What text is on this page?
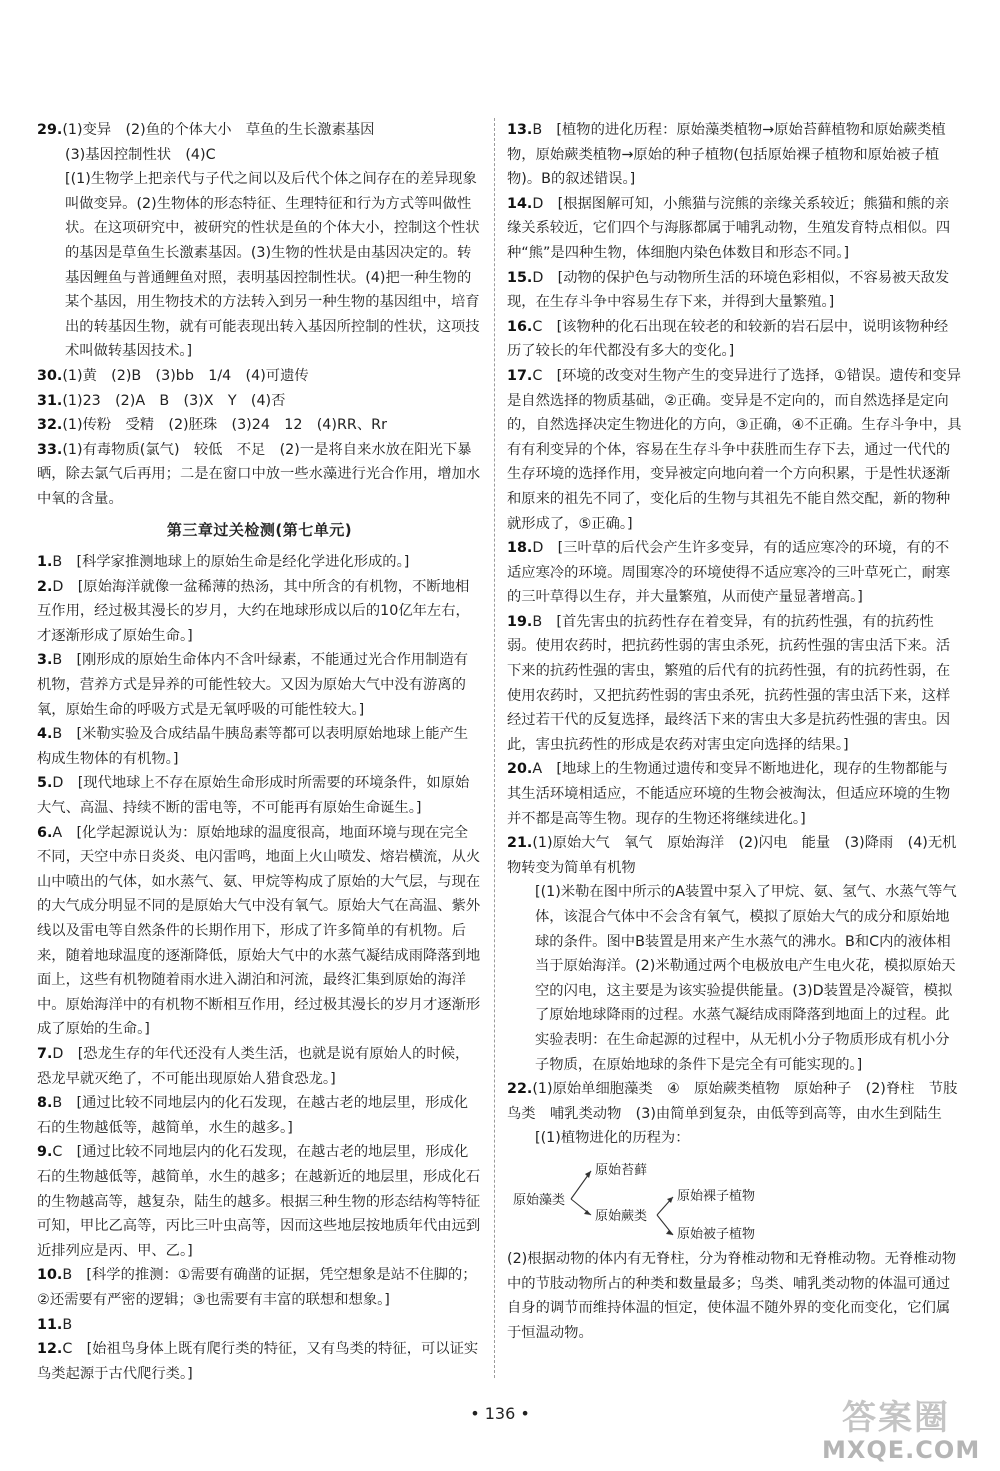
29.(1)变异　(2)鱼的个体大小　草鱼的生长激素基因
(3)基因控制性状　(4)C
[(1)生物学上把亲代与子代之间以及后代个体之间存在的差异现象叫做变异。(2)生物体的形态特征、生理特征和行为方式等叫做性状。在这项研究中，被研究的性状是鱼的个体大小，控制这个性状的基因是草鱼生长激素基因。(3)生物的性状是由基因决定的。转基因鲤鱼与普通鲤鱼对照，表明基因控制性状。(4)把一种生物的某个基因，用生物技术的方法转入到另一种生物的基因组中，培育出的转基因生物，就有可能表现出转入基因所控制的性状，这项技术叫做转基因技术。]
30.(1)黄　(2)B　(3)bb　1/4　(4)可遗传
31.(1)23　(2)A　B　(3)X　Y　(4)否
32.(1)传粉　受精　(2)胚珠　(3)24　12　(4)RR、Rr
33.(1)有毒物质(氯气)　较低　不足　(2)一是将自来水放在阳光下暴晒，除去氯气后再用；二是在窗口中放一些水藻进行光合作用，增加水中氧的含量。
第三章过关检测(第七单元)
1.B　[科学家推测地球上的原始生命是经化学进化形成的。]
2.D　[原始海洋就像一盆稀薄的热汤，其中所含的有机物，不断地相互作用，经过极其漫长的岁月，大约在地球形成以后的10亿年左右，才逐渐形成了原始生命。]
3.B　[刚形成的原始生命体内不含叶绿素，不能通过光合作用制造有机物，营养方式是异养的可能性较大。又因为原始大气中没有游离的氧，原始生命的呼吸方式是无氧呼吸的可能性较大。]
4.B　[米勒实验及合成结晶牛胰岛素等都可以表明原始地球上能产生构成生物体的有机物。]
5.D　[现代地球上不存在原始生命形成时所需要的环境条件，如原始大气、高温、持续不断的雷电等，不可能再有原始生命诞生。]
6.A　[化学起源说认为：原始地球的温度很高，地面环境与现在完全不同，天空中赤日炎炎、电闪雷鸣，地面上火山喷发、熔岩横流，从火山中喷出的气体，如水蒸气、氨、甲烷等构成了原始的大气层，与现在的大气成分明显不同的是原始大气中没有氧气。原始大气在高温、紫外线以及雷电等自然条件的长期作用下，形成了许多简单的有机物。后来，随着地球温度的逐渐降低，原始大气中的水蒸气凝结成雨降落到地面上，这些有机物随着雨水进入湖泊和河流，最终汇集到原始的海洋中。原始海洋中的有机物不断相互作用，经过极其漫长的岁月才逐渐形成了原始的生命。]
7.D　[恐龙生存的年代还没有人类生活，也就是说有原始人的时候，恐龙早就灭绝了，不可能出现原始人猎食恐龙。]
8.B　[通过比较不同地层内的化石发现，在越古老的地层里，形成化石的生物越低等，越简单，水生的越多。]
9.C　[通过比较不同地层内的化石发现，在越古老的地层里，形成化石的生物越低等，越简单，水生的越多；在越新近的地层里，形成化石的生物越高等，越复杂，陆生的越多。根据三种生物的形态结构等特征可知，甲比乙高等，丙比三叶虫高等，因而这些地层按地质年代由远到近排列应是丙、甲、乙。]
10.B　[科学的推测：①需要有确凿的证据，凭空想象是站不住脚的；②还需要有严密的逻辑；③也需要有丰富的联想和想象。]
11.B
12.C　[始祖鸟身体上既有爬行类的特征，又有鸟类的特征，可以证实鸟类起源于古代爬行类。]
13.B　[植物的进化历程：原始藻类植物→原始苔藓植物和原始蕨类植物，原始蕨类植物→原始的种子植物(包括原始裸子植物和原始被子植物)。B的叙述错误。]
14.D　[根据图解可知，小熊猫与浣熊的亲缘关系较近；熊猫和熊的亲缘关系较近，它们四个与海豚都属于哺乳动物，生殖发育特点相似。四种“熊”是四种生物，体细胞内染色体数目和形态不同。]
15.D　[动物的保护色与动物所生活的环境色彩相似，不容易被天敌发现，在生存斗争中容易生存下来，并得到大量繁殖。]
16.C　[该物种的化石出现在较老的和较新的岩石层中，说明该物种经历了较长的年代都没有多大的变化。]
17.C　[环境的改变对生物产生的变异进行了选择，①错误。遗传和变异是自然选择的物质基础，②正确。变异是不定向的，而自然选择是定向的，自然选择决定生物进化的方向，③正确，④不正确。生存斗争中，具有有利变异的个体，容易在生存斗争中获胜而生存下去，通过一代代的生存环境的选择作用，变异被定向地向着一个方向积累，于是性状逐渐和原来的祖先不同了，变化后的生物与其祖先不能自然交配，新的物种就形成了，⑤正确。]
18.D　[三叶草的后代会产生许多变异，有的适应寒冷的环境，有的不适应寒冷的环境。周围寒冷的环境使得不适应寒冷的三叶草死亡，耐寒的三叶草得以生存，并大量繁殖，从而使产量显著增高。]
19.B　[首先害虫的抗药性存在着变异，有的抗药性强，有的抗药性弱。使用农药时，把抗药性弱的害虫杀死，抗药性强的害虫活下来。活下来的抗药性强的害虫，繁殖的后代有的抗药性强，有的抗药性弱，在使用农药时，又把抗药性弱的害虫杀死，抗药性强的害虫活下来，这样经过若干代的反复选择，最终活下来的害虫大多是抗药性强的害虫。因此，害虫抗药性的形成是农药对害虫定向选择的结果。]
20.A　[地球上的生物通过遗传和变异不断地进化，现存的生物都能与其生活环境相适应，不能适应环境的生物会被淘汰，但适应环境的生物并不都是高等生物。现存的生物还将继续进化。]
21.(1)原始大气　氧气　原始海洋　(2)闪电　能量　(3)降雨　(4)无机物转变为简单有机物
[(1)米勒在图中所示的A装置中泵入了甲烷、氨、氢气、水蒸气等气体，该混合气体中不会含有氧气，模拟了原始大气的成分和原始地球的条件。图中B装置是用来产生水蒸气的沸水。B和C内的液体相当于原始海洋。(2)米勒通过两个电极放电产生电火花，模拟原始天空的闪电，这主要是为该实验提供能量。(3)D装置是冷凝管，模拟了原始地球降雨的过程。水蒸气凝结成雨降落到地面上的过程。此实验表明：在生命起源的过程中，从无机小分子物质形成有机小分子物质，在原始地球的条件下是完全有可能实现的。]
22.(1)原始单细胞藻类　④　原始蕨类植物　原始种子　(2)脊柱　节肢　鸟类　哺乳类动物　(3)由简单到复杂，由低等到高等，由水生到陆生
[(1)植物进化的历程为：
原始藻类
原始苔藓
原始蕨类
原始裸子植物
原始被子植物
(2)根据动物的体内有无脊柱，分为脊椎动物和无脊椎动物。无脊椎动物中的节肢动物所占的种类和数量最多；鸟类、哺乳类动物的体温可通过自身的调节而维持体温的恒定，使体温不随外界的变化而变化，它们属于恒温动物。
• 136 •	答案圈
MXQE.COM
